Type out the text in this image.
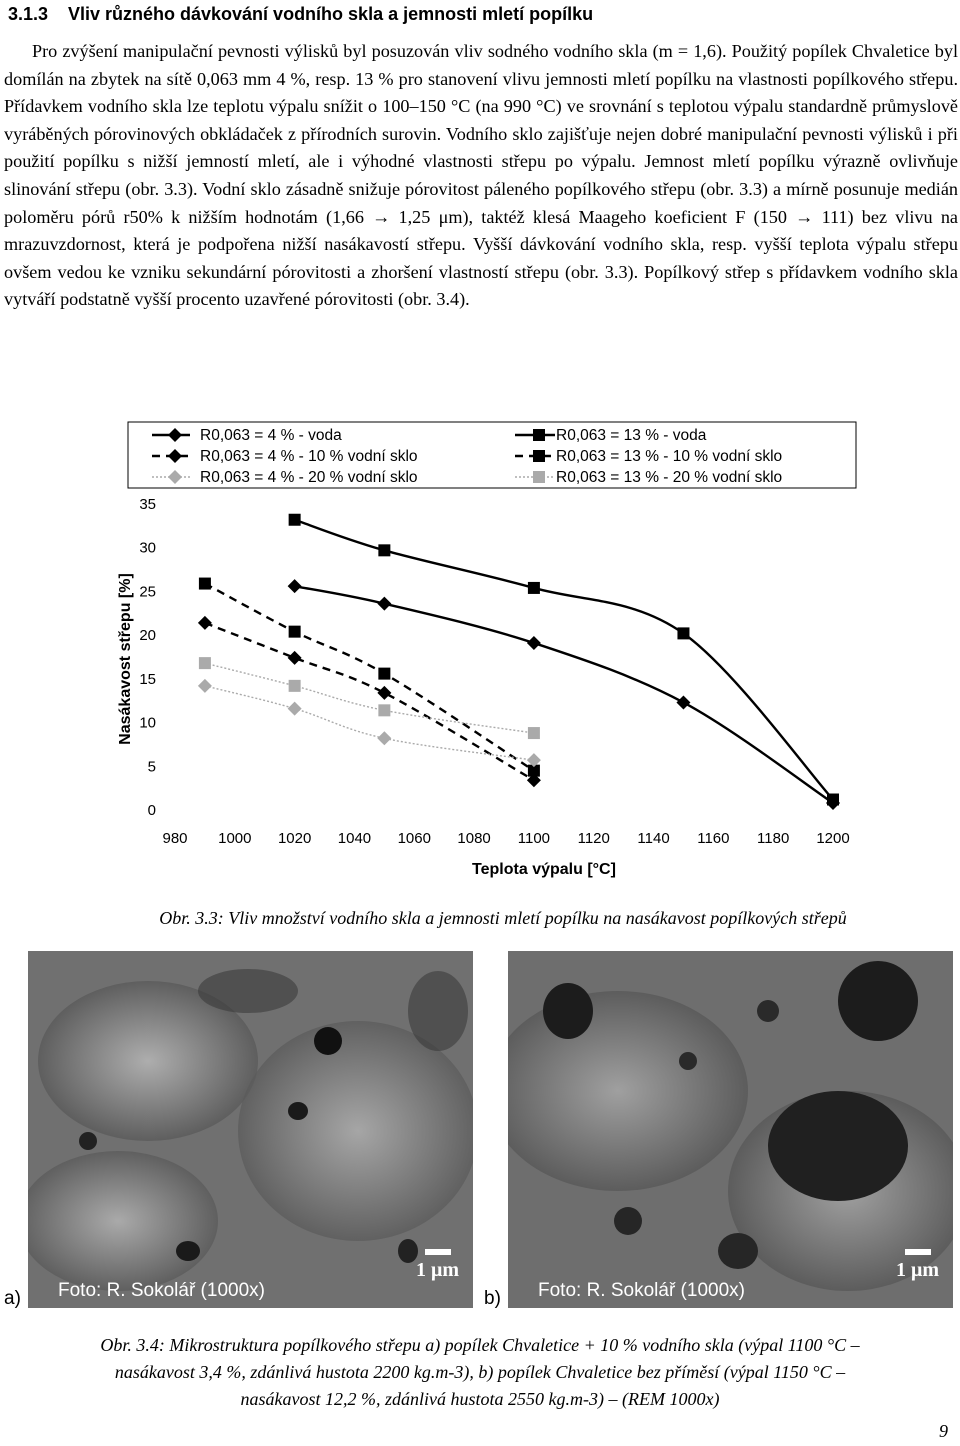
3.1.3 Vliv různého dávkování vodního skla a jemnosti mletí popílku

Pro zvýšení manipulační pevnosti výlisků byl posuzován vliv sodného vodního skla (m = 1,6). Použitý popílek Chvaletice byl domílán na zbytek na sítě 0,063 mm 4 %, resp. 13 % pro stanovení vlivu jemnosti mletí popílku na vlastnosti popílkového střepu. Přídavkem vodního skla lze teplotu výpalu snížit o 100–150 °C (na 990 °C) ve srovnání s teplotou výpalu standardně průmyslově vyráběných pórovinových obkládaček z přírodních surovin. Vodního sklo zajišťuje nejen dobré manipulační pevnosti výlisků i při použití popílku s nižší jemností mletí, ale i výhodné vlastnosti střepu po výpalu. Jemnost mletí popílku výrazně ovlivňuje slinování střepu (obr. 3.3). Vodní sklo zásadně snižuje pórovitost páleného popílkového střepu (obr. 3.3) a mírně posunuje medián poloměru pórů r50% k nižším hodnotám (1,66 → 1,25 μm), taktéž klesá Maageho koeficient F (150 → 111) bez vlivu na mrazuvzdornost, která je podpořena nižší nasákavostí střepu. Vyšší dávkování vodního skla, resp. vyšší teplota výpalu střepu ovšem vedou ke vzniku sekundární pórovitosti a zhoršení vlastností střepu (obr. 3.3). Popílkový střep s přídavkem vodního skla vytváří podstatně vyšší procento uzavřené pórovitosti (obr. 3.4).

0
5
10
15
20
25
30
35
980 1000 1020 1040 1060 1080 1100 1120 1140 1160 1180 1200
Teplota výpalu [°C]
Nasákavost střepu [%]
R0,063 = 4 % - voda	R0,063 = 13 % - voda
R0,063 = 4 % - 10 % vodní sklo	R0,063 = 13 % - 10 % vodní sklo
R0,063 = 4 % - 20 % vodní sklo	R0,063 = 13 % - 20 % vodní sklo
Obr. 3.3: Vliv množství vodního skla a jemnosti mletí popílku na nasákavost popílkových střepů
Foto: R. Sokolář (1000x)
1 μm
Foto: R. Sokolář (1000x)
1 μm
a)	b)
Obr. 3.4: Mikrostruktura popílkového střepu a) popílek Chvaletice + 10 % vodního skla (výpal 1100 °C –
nasákavost 3,4 %, zdánlivá hustota 2200 kg.m-3), b) popílek Chvaletice bez příměsí (výpal 1150 °C –
nasákavost 12,2 %, zdánlivá hustota 2550 kg.m-3) – (REM 1000x)
9
